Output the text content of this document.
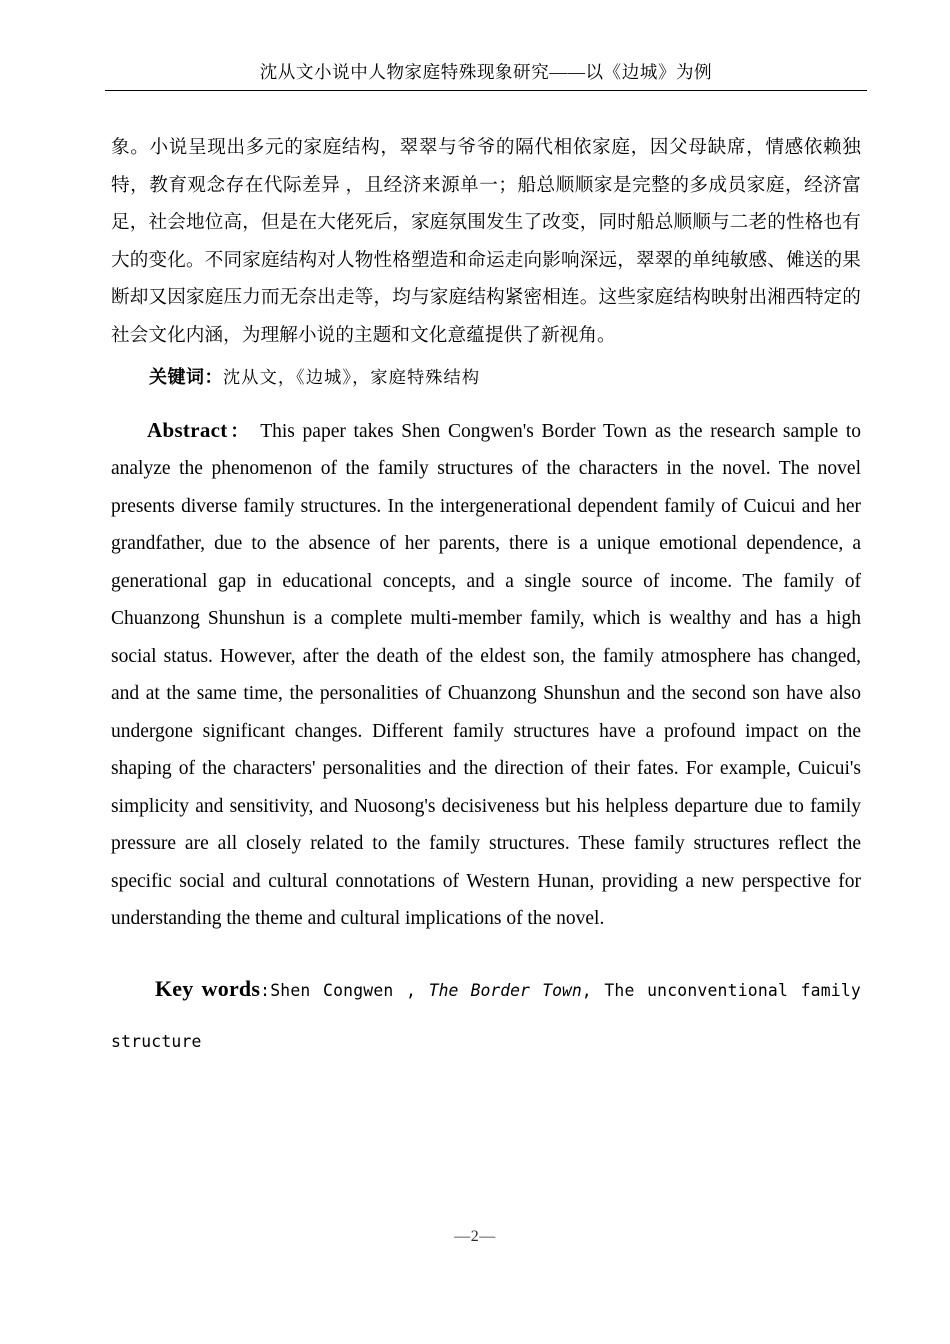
沈从文小说中人物家庭特殊现象研究——以《边城》为例

象。小说呈现出多元的家庭结构，翠翠与爷爷的隔代相依家庭，因父母缺席，情感依赖独特，教育观念存在代际差异 ，且经济来源单一；船总顺顺家是完整的多成员家庭，经济富足，社会地位高，但是在大佬死后，家庭氛围发生了改变，同时船总顺顺与二老的性格也有大的变化。不同家庭结构对人物性格塑造和命运走向影响深远，翠翠的单纯敏感、傩送的果断却又因家庭压力而无奈出走等，均与家庭结构紧密相连。这些家庭结构映射出湘西特定的社会文化内涵，为理解小说的主题和文化意蕴提供了新视角。

关键词：沈从文，《边城》，家庭特殊结构

Abstract： This paper takes Shen Congwen's Border Town as the research sample to analyze the phenomenon of the family structures of the characters in the novel. The novel presents diverse family structures. In the intergenerational dependent family of Cuicui and her grandfather, due to the absence of her parents, there is a unique emotional dependence, a generational gap in educational concepts, and a single source of income. The family of Chuanzong Shunshun is a complete multi-member family, which is wealthy and has a high social status. However, after the death of the eldest son, the family atmosphere has changed, and at the same time, the personalities of Chuanzong Shunshun and the second son have also undergone significant changes. Different family structures have a profound impact on the shaping of the characters' personalities and the direction of their fates. For example, Cuicui's simplicity and sensitivity, and Nuosong's decisiveness but his helpless departure due to family pressure are all closely related to the family structures. These family structures reflect the specific social and cultural connotations of Western Hunan, providing a new perspective for understanding the theme and cultural implications of the novel.

Key words:Shen Congwen , The Border Town, The unconventional family structure

—2—
